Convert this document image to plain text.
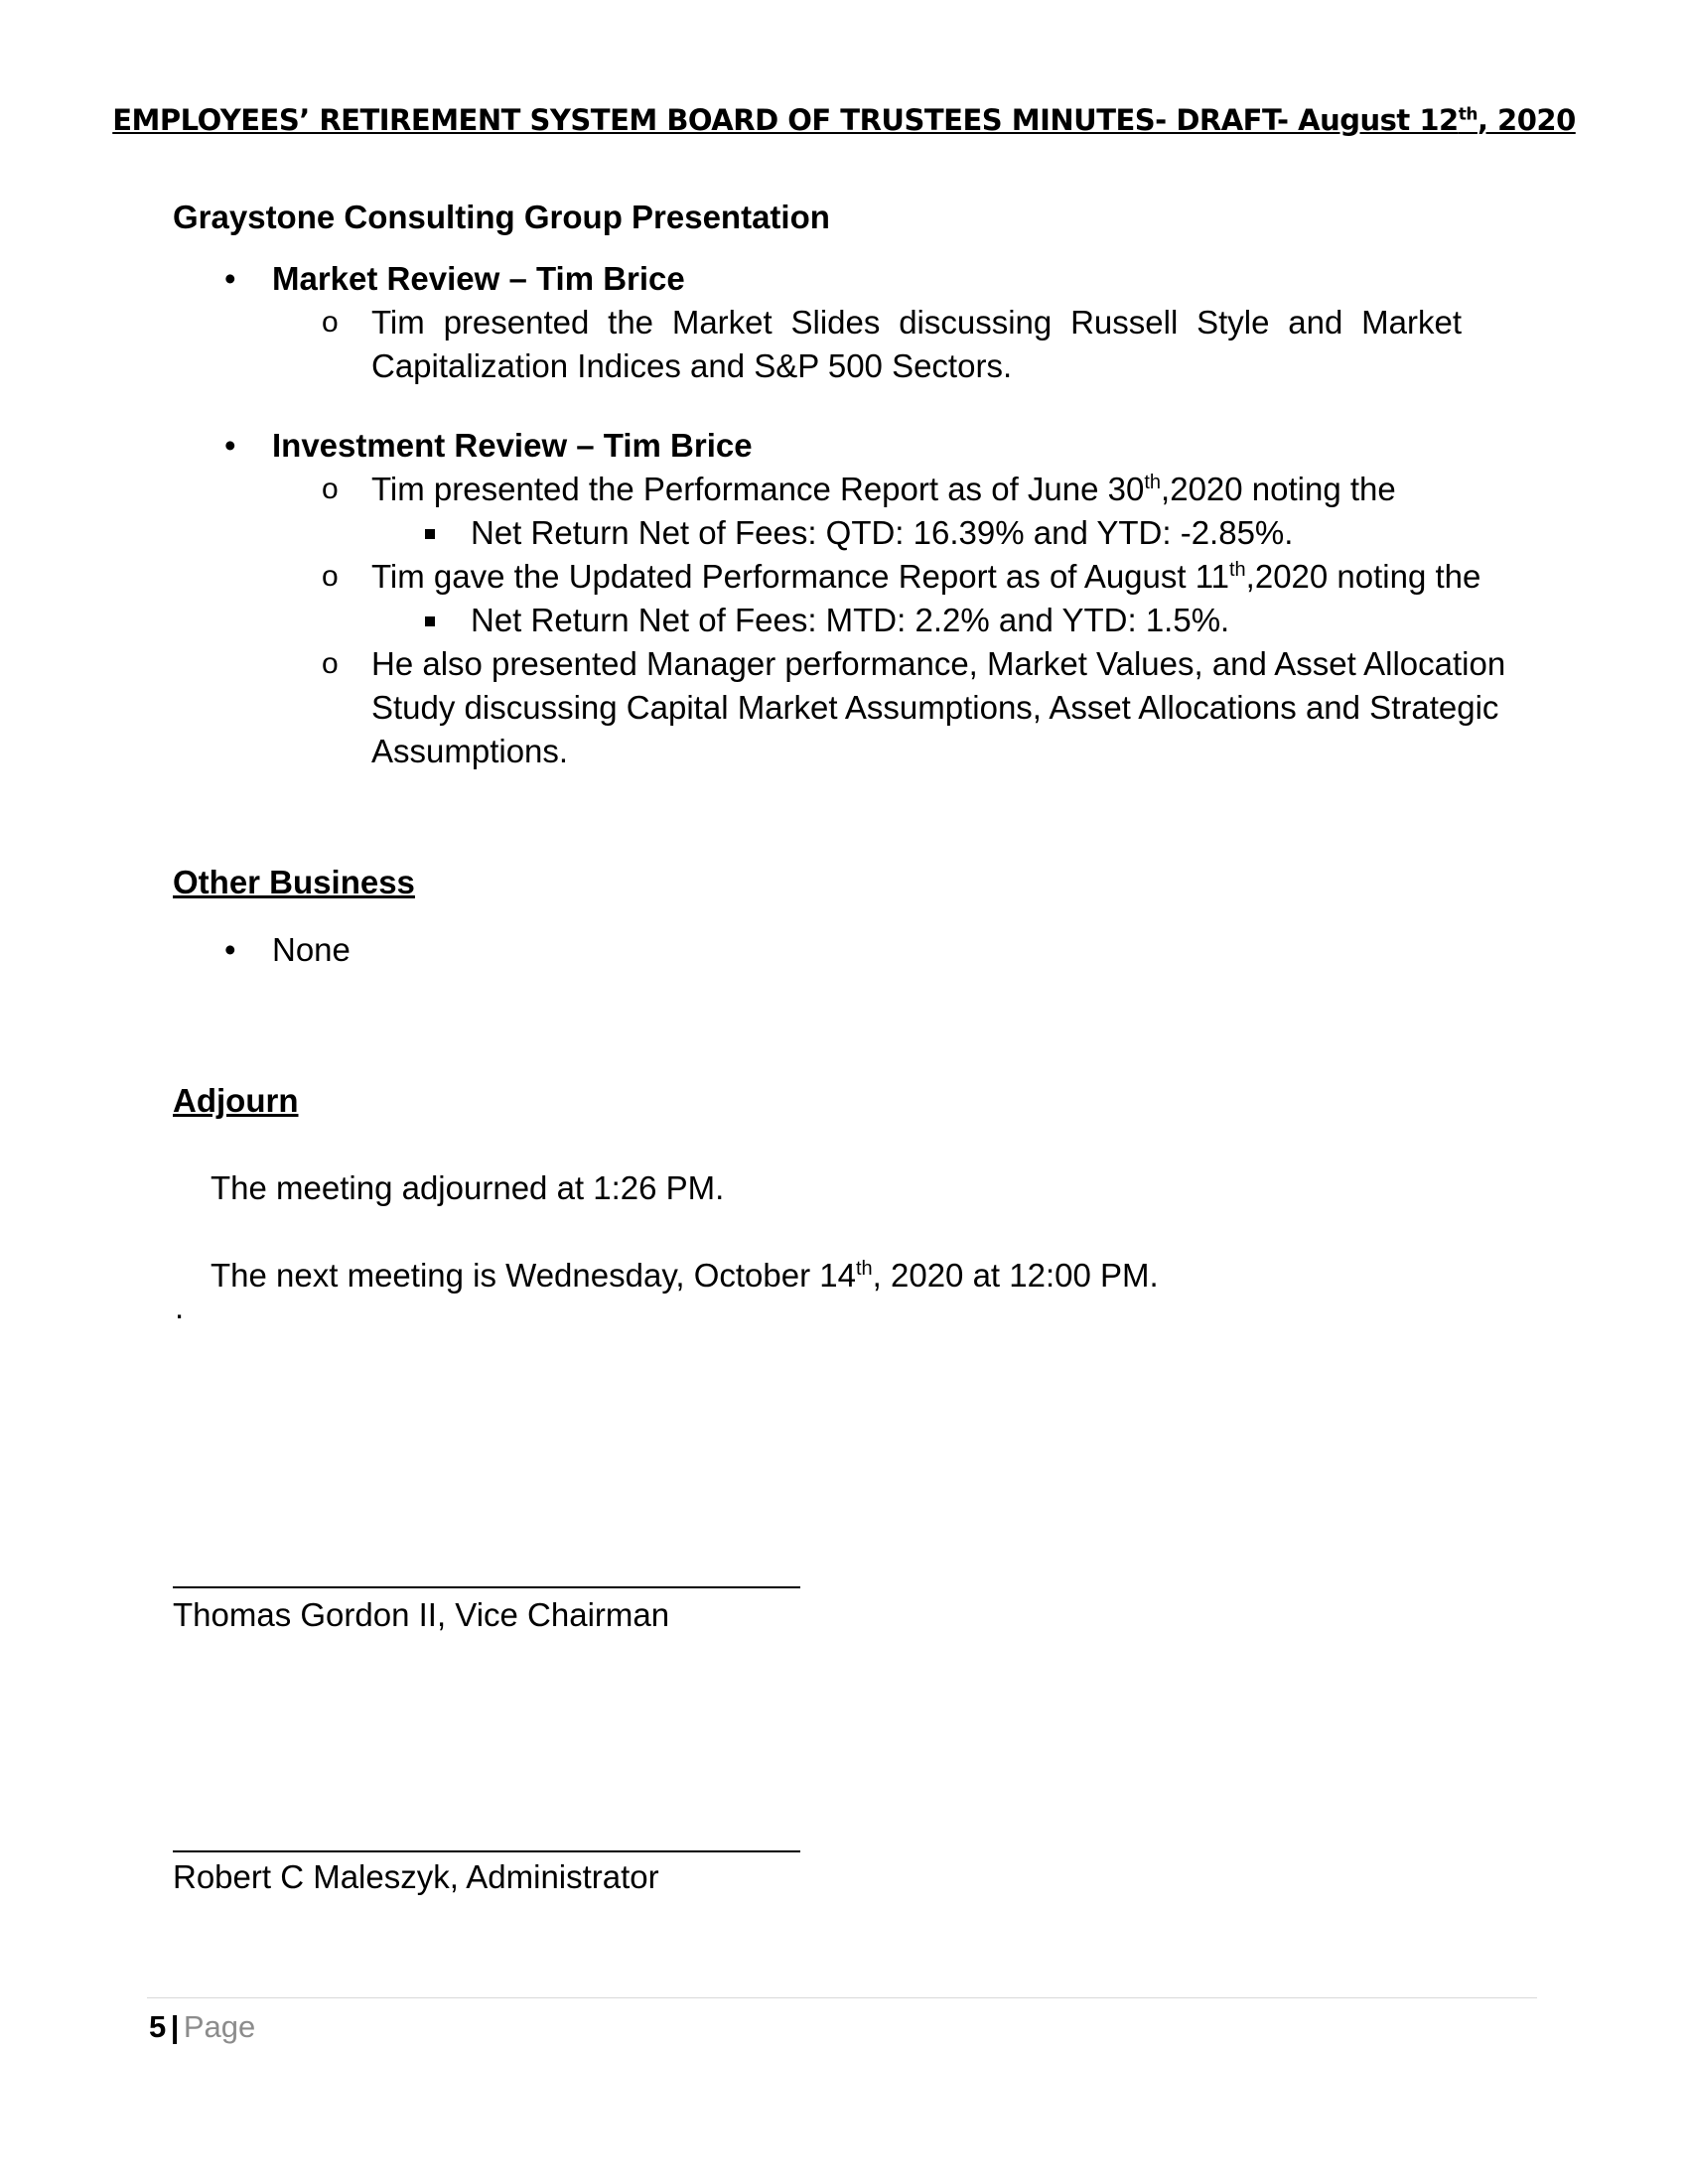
EMPLOYEES’ RETIREMENT SYSTEM BOARD OF TRUSTEES MINUTES- DRAFT- August 12th, 2020
Graystone Consulting Group Presentation
• Market Review – Tim Brice
o Tim presented the Market Slides discussing Russell Style and Market
Capitalization Indices and S&P 500 Sectors.
• Investment Review – Tim Brice
o Tim presented the Performance Report as of June 30th,2020 noting the
Net Return Net of Fees: QTD: 16.39% and YTD: -2.85%.
o Tim gave the Updated Performance Report as of August 11th,2020 noting the
Net Return Net of Fees: MTD: 2.2% and YTD: 1.5%.
o He also presented Manager performance, Market Values, and Asset Allocation
Study discussing Capital Market Assumptions, Asset Allocations and Strategic
Assumptions.
Other Business
• None
Adjourn
The meeting adjourned at 1:26 PM.
The next meeting is Wednesday, October 14th, 2020 at 12:00 PM.
.
Thomas Gordon II, Vice Chairman
Robert C Maleszyk, Administrator
5 | Page
